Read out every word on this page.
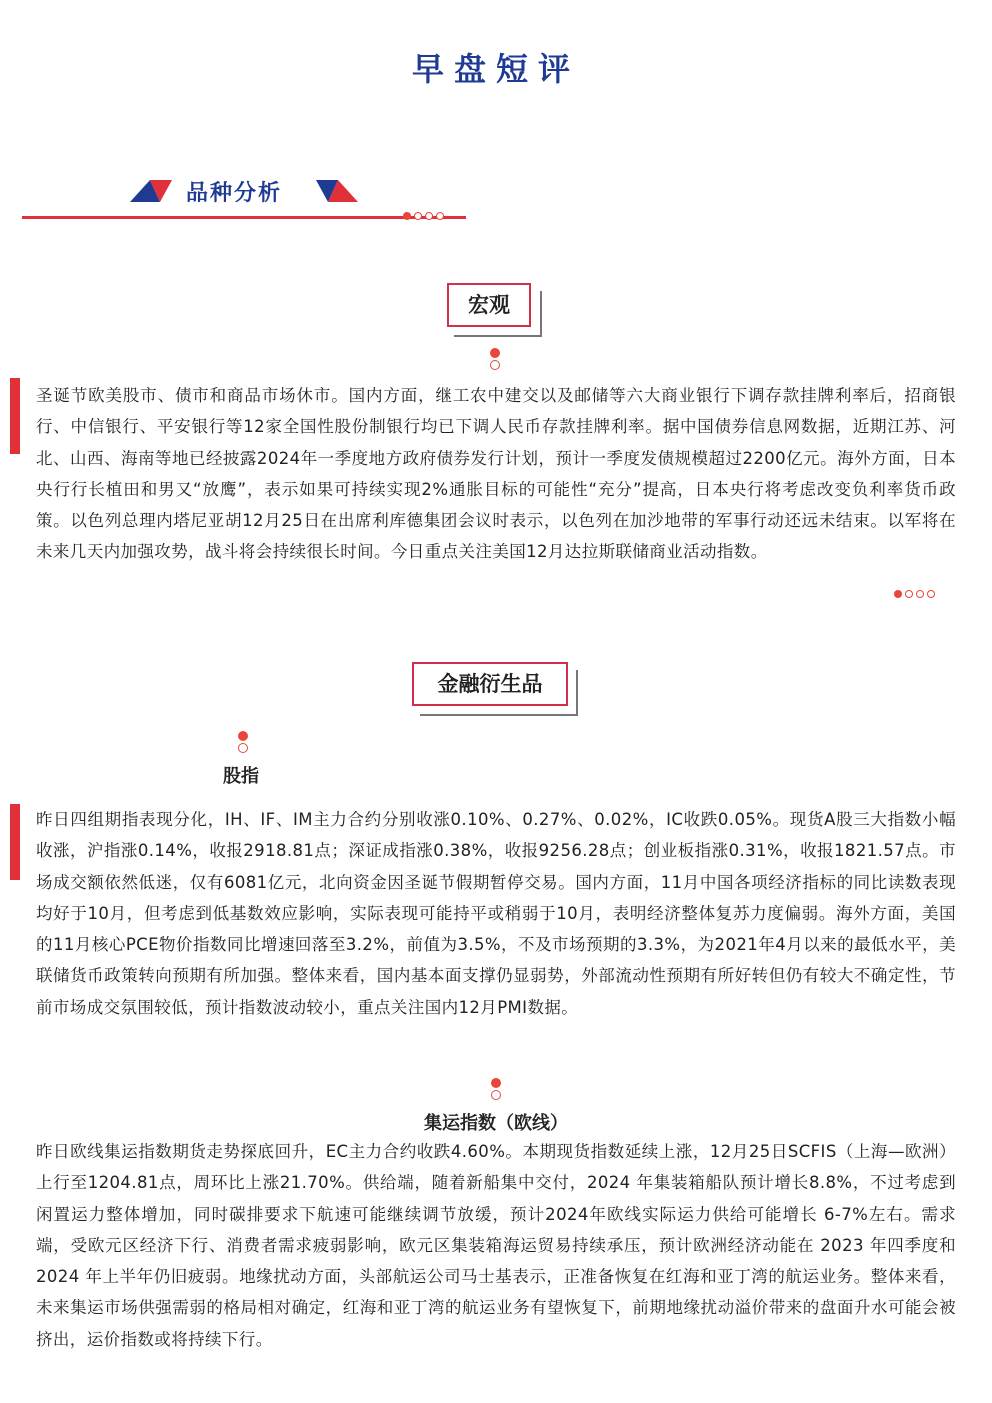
早盘短评
品种分析
宏观
圣诞节欧美股市、债市和商品市场休市。国内方面，继工农中建交以及邮储等六大商业银行下调存款挂牌利率后，招商银行、中信银行、平安银行等12家全国性股份制银行均已下调人民币存款挂牌利率。据中国债券信息网数据，近期江苏、河北、山西、海南等地已经披露2024年一季度地方政府债券发行计划，预计一季度发债规模超过2200亿元。海外方面，日本央行行长植田和男又“放鹰”，表示如果可持续实现2%通胀目标的可能性“充分”提高，日本央行将考虑改变负利率货币政策。以色列总理内塔尼亚胡12月25日在出席利库德集团会议时表示，以色列在加沙地带的军事行动还远未结束。以军将在未来几天内加强攻势，战斗将会持续很长时间。今日重点关注美国12月达拉斯联储商业活动指数。
金融衍生品
股指
昨日四组期指表现分化，IH、IF、IM主力合约分别收涨0.10%、0.27%、0.02%，IC收跌0.05%。现货A股三大指数小幅收涨，沪指涨0.14%，收报2918.81点；深证成指涨0.38%，收报9256.28点；创业板指涨0.31%，收报1821.57点。市场成交额依然低迷，仅有6081亿元，北向资金因圣诞节假期暂停交易。国内方面，11月中国各项经济指标的同比读数表现均好于10月，但考虑到低基数效应影响，实际表现可能持平或稍弱于10月，表明经济整体复苏力度偏弱。海外方面，美国的11月核心PCE物价指数同比增速回落至3.2%，前值为3.5%，不及市场预期的3.3%，为2021年4月以来的最低水平，美联储货币政策转向预期有所加强。整体来看，国内基本面支撑仍显弱势，外部流动性预期有所好转但仍有较大不确定性，节前市场成交氛围较低，预计指数波动较小，重点关注国内12月PMI数据。
集运指数（欧线）
昨日欧线集运指数期货走势探底回升，EC主力合约收跌4.60%。本期现货指数延续上涨，12月25日SCFIS（上海—欧洲）上行至1204.81点，周环比上涨21.70%。供给端，随着新船集中交付，2024 年集装箱船队预计增长8.8%，不过考虑到闲置运力整体增加，同时碳排要求下航速可能继续调节放缓，预计2024年欧线实际运力供给可能增长 6-7%左右。需求端，受欧元区经济下行、消费者需求疲弱影响，欧元区集装箱海运贸易持续承压，预计欧洲经济动能在 2023 年四季度和 2024 年上半年仍旧疲弱。地缘扰动方面，头部航运公司马士基表示，正准备恢复在红海和亚丁湾的航运业务。整体来看，未来集运市场供强需弱的格局相对确定，红海和亚丁湾的航运业务有望恢复下，前期地缘扰动溢价带来的盘面升水可能会被挤出，运价指数或将持续下行。
